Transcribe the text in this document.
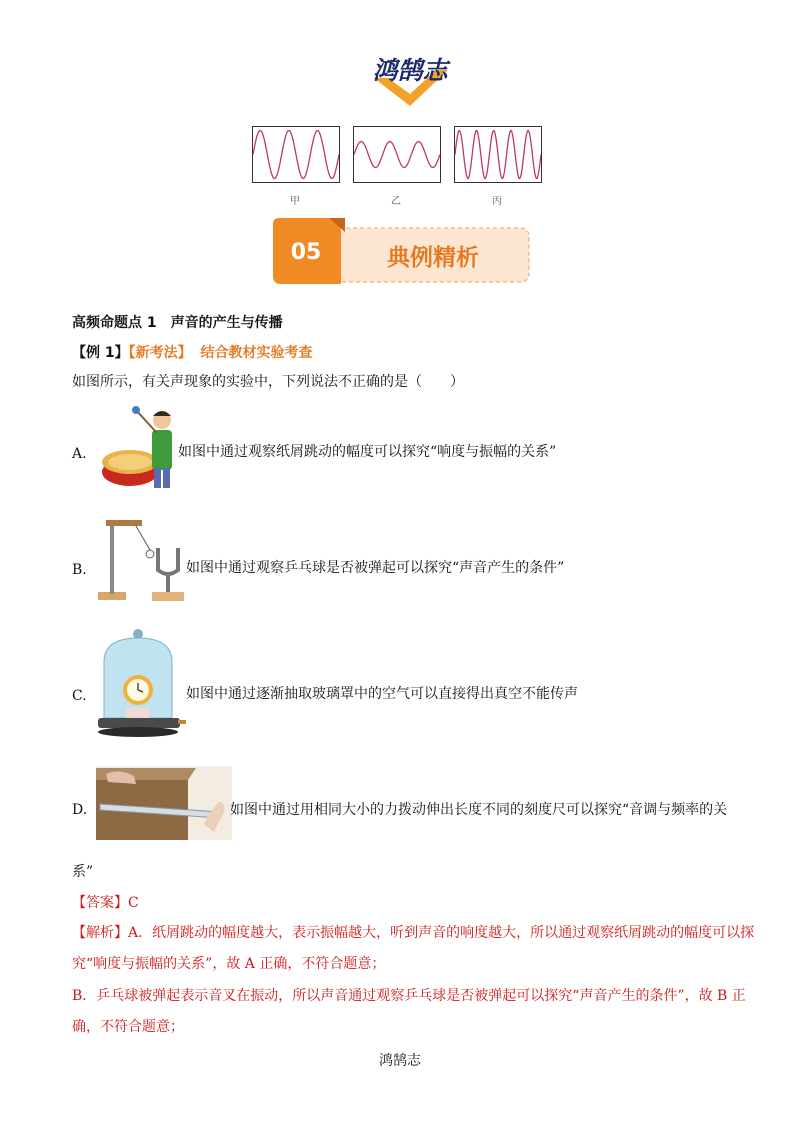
鸿鹄志
甲	乙	丙
05	典例精析
高频命题点 1　声音的产生与传播
【例 1】【新考法】 结合教材实验考查
如图所示，有关声现象的实验中，下列说法不正确的是（　　）
A.	如图中通过观察纸屑跳动的幅度可以探究“响度与振幅的关系”
B.	如图中通过观察乒乓球是否被弹起可以探究“声音产生的条件”
C.	如图中通过逐渐抽取玻璃罩中的空气可以直接得出真空不能传声
D.	如图中通过用相同大小的力拨动伸出长度不同的刻度尺可以探究“音调与频率的关
系”
【答案】C
【解析】A．纸屑跳动的幅度越大，表示振幅越大，听到声音的响度越大，所以通过观察纸屑跳动的幅度可以探
究“响度与振幅的关系”，故 A 正确，不符合题意；
B．乒乓球被弹起表示音叉在振动，所以声音通过观察乒乓球是否被弹起可以探究“声音产生的条件”，故 B 正
确，不符合题意；
鸿鹄志
